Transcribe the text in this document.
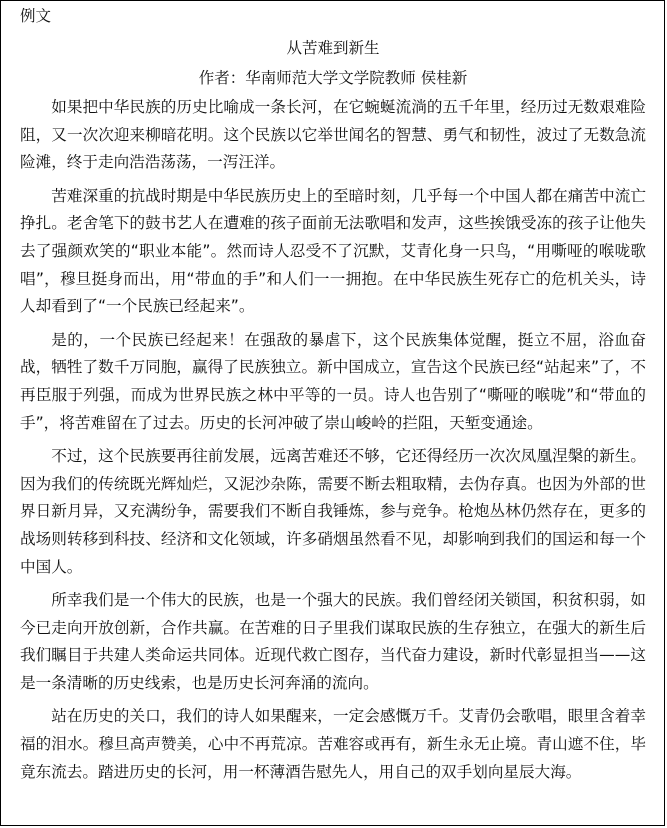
例文
从苦难到新生
作者：华南师范大学文学院教师 侯桂新

如果把中华民族的历史比喻成一条长河，在它蜿蜒流淌的五千年里，经历过无数艰难险阻，又一次次迎来柳暗花明。这个民族以它举世闻名的智慧、勇气和韧性，波过了无数急流险滩，终于走向浩浩荡荡，一泻汪洋。

苦难深重的抗战时期是中华民族历史上的至暗时刻，几乎每一个中国人都在痛苦中流亡挣扎。老舍笔下的鼓书艺人在遭难的孩子面前无法歌唱和发声，这些挨饿受冻的孩子让他失去了强颜欢笑的“职业本能”。然而诗人忍受不了沉默，艾青化身一只鸟，“用嘶哑的喉咙歌唱”，穆旦挺身而出，用“带血的手”和人们一一拥抱。在中华民族生死存亡的危机关头，诗人却看到了“一个民族已经起来”。

是的，一个民族已经起来！在强敌的暴虐下，这个民族集体觉醒，挺立不屈，浴血奋战，牺牲了数千万同胞，赢得了民族独立。新中国成立，宣告这个民族已经“站起来”了，不再臣服于列强，而成为世界民族之林中平等的一员。诗人也告别了“嘶哑的喉咙”和“带血的手”，将苦难留在了过去。历史的长河冲破了崇山峻岭的拦阻，天堑变通途。

不过，这个民族要再往前发展，远离苦难还不够，它还得经历一次次凤凰涅槃的新生。因为我们的传统既光辉灿烂，又泥沙杂陈，需要不断去粗取精，去伪存真。也因为外部的世界日新月异，又充满纷争，需要我们不断自我锤炼，参与竞争。枪炮丛林仍然存在，更多的战场则转移到科技、经济和文化领域，许多硝烟虽然看不见，却影响到我们的国运和每一个中国人。

所幸我们是一个伟大的民族，也是一个强大的民族。我们曾经闭关锁国，积贫积弱，如今已走向开放创新，合作共赢。在苦难的日子里我们谋取民族的生存独立，在强大的新生后我们瞩目于共建人类命运共同体。近现代救亡图存，当代奋力建设，新时代彰显担当——这是一条清晰的历史线索，也是历史长河奔涌的流向。

站在历史的关口，我们的诗人如果醒来，一定会感慨万千。艾青仍会歌唱，眼里含着幸福的泪水。穆旦高声赞美，心中不再荒凉。苦难容或再有，新生永无止境。青山遮不住，毕竟东流去。踏进历史的长河，用一杯薄酒告慰先人，用自己的双手划向星辰大海。
